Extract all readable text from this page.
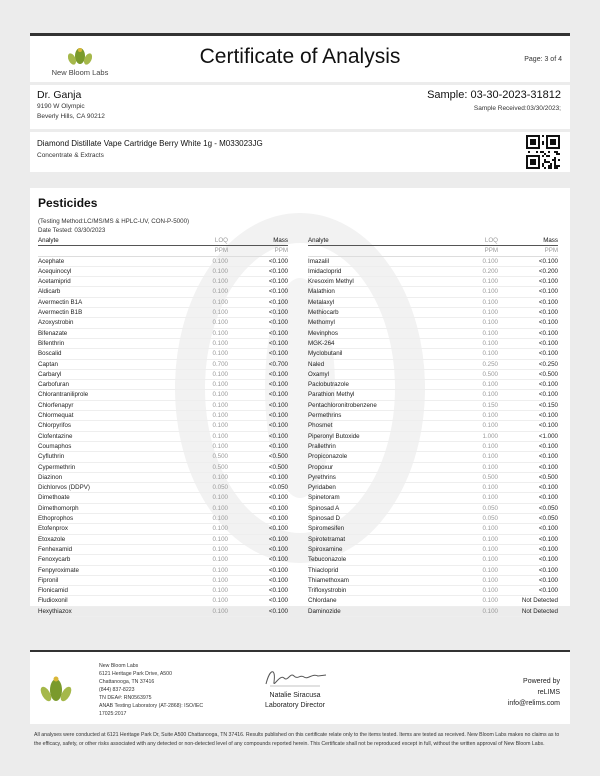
New Bloom Labs
Certificate of Analysis	Page: 3 of 4
Dr. Ganja
9190 W Olympic
Beverly Hills, CA 90212
Sample: 03-30-2023-31812
Sample Received:03/30/2023;
Diamond Distillate Vape Cartridge Berry White 1g - M033023JG
Concentrate & Extracts
Pesticides
(Testing Method:LC/MS/MS & HPLC-UV, CON-P-5000)
Date Tested: 03/30/2023
Analyte	LOQ	Mass
	PPM	PPM
Acephate	0.100	<0.100
Acequinocyl	0.100	<0.100
Acetamiprid	0.100	<0.100
Aldicarb	0.100	<0.100
Avermectin B1A	0.100	<0.100
Avermectin B1B	0.100	<0.100
Azoxystrobin	0.100	<0.100
Bifenazate	0.100	<0.100
Bifenthrin	0.100	<0.100
Boscalid	0.100	<0.100
Captan	0.700	<0.700
Carbaryl	0.100	<0.100
Carbofuran	0.100	<0.100
Chlorantraniliprole	0.100	<0.100
Chlorfenapyr	0.100	<0.100
Chlormequat	0.100	<0.100
Chlorpyrifos	0.100	<0.100
Clofentazine	0.100	<0.100
Coumaphos	0.100	<0.100
Cyfluthrin	0.500	<0.500
Cypermethrin	0.500	<0.500
Diazinon	0.100	<0.100
Dichlorvos (DDPV)	0.050	<0.050
Dimethoate	0.100	<0.100
Dimethomorph	0.100	<0.100
Ethoprophos	0.100	<0.100
Etofenprox	0.100	<0.100
Etoxazole	0.100	<0.100
Fenhexamid	0.100	<0.100
Fenoxycarb	0.100	<0.100
Fenpyroximate	0.100	<0.100
Fipronil	0.100	<0.100
Flonicamid	0.100	<0.100
Fludioxonil	0.100	<0.100
Hexythiazox	0.100	<0.100
Analyte	LOQ	Mass
	PPM	PPM
Imazalil	0.100	<0.100
Imidacloprid	0.200	<0.200
Kresoxim Methyl	0.100	<0.100
Malathion	0.100	<0.100
Metalaxyl	0.100	<0.100
Methiocarb	0.100	<0.100
Methomyl	0.100	<0.100
Mevinphos	0.100	<0.100
MGK-264	0.100	<0.100
Myclobutanil	0.100	<0.100
Naled	0.250	<0.250
Oxamyl	0.500	<0.500
Paclobutrazole	0.100	<0.100
Parathion Methyl	0.100	<0.100
Pentachloronitrobenzene	0.150	<0.150
Permethrins	0.100	<0.100
Phosmet	0.100	<0.100
Piperonyl Butoxide	1.000	<1.000
Prallethrin	0.100	<0.100
Propiconazole	0.100	<0.100
Propoxur	0.100	<0.100
Pyrethrins	0.500	<0.500
Pyridaben	0.100	<0.100
Spinetoram	0.100	<0.100
Spinosad A	0.050	<0.050
Spinosad D	0.050	<0.050
Spiromesifen	0.100	<0.100
Spirotetramat	0.100	<0.100
Spiroxamine	0.100	<0.100
Tebuconazole	0.100	<0.100
Thiacloprid	0.100	<0.100
Thiamethoxam	0.100	<0.100
Trifloxystrobin	0.100	<0.100
Chlordane	0.100	Not Detected
Daminozide	0.100	Not Detected
New Bloom Labs
6121 Heritage Park Drive, A500
Chattanooga, TN 37416
(844) 837-8223
TN DEA#: RN0563975
ANAB Testing Laboratory (AT-2868): ISO/IEC
17025:2017
Natalie Siracusa
Laboratory Director
Powered by
reLIMS
info@relims.com
All analyses were conducted at 6121 Heritage Park Dr, Suite A500 Chattanooga, TN 37416. Results published on this certificate relate only to the items tested. Items are tested as received. New Bloom Labs makes no claims as to the efficacy, safety, or other risks associated with any detected or non-detected level of any compounds reported herein. This Certificate shall not be reproduced except in full, without the written approval of New Bloom Labs.
